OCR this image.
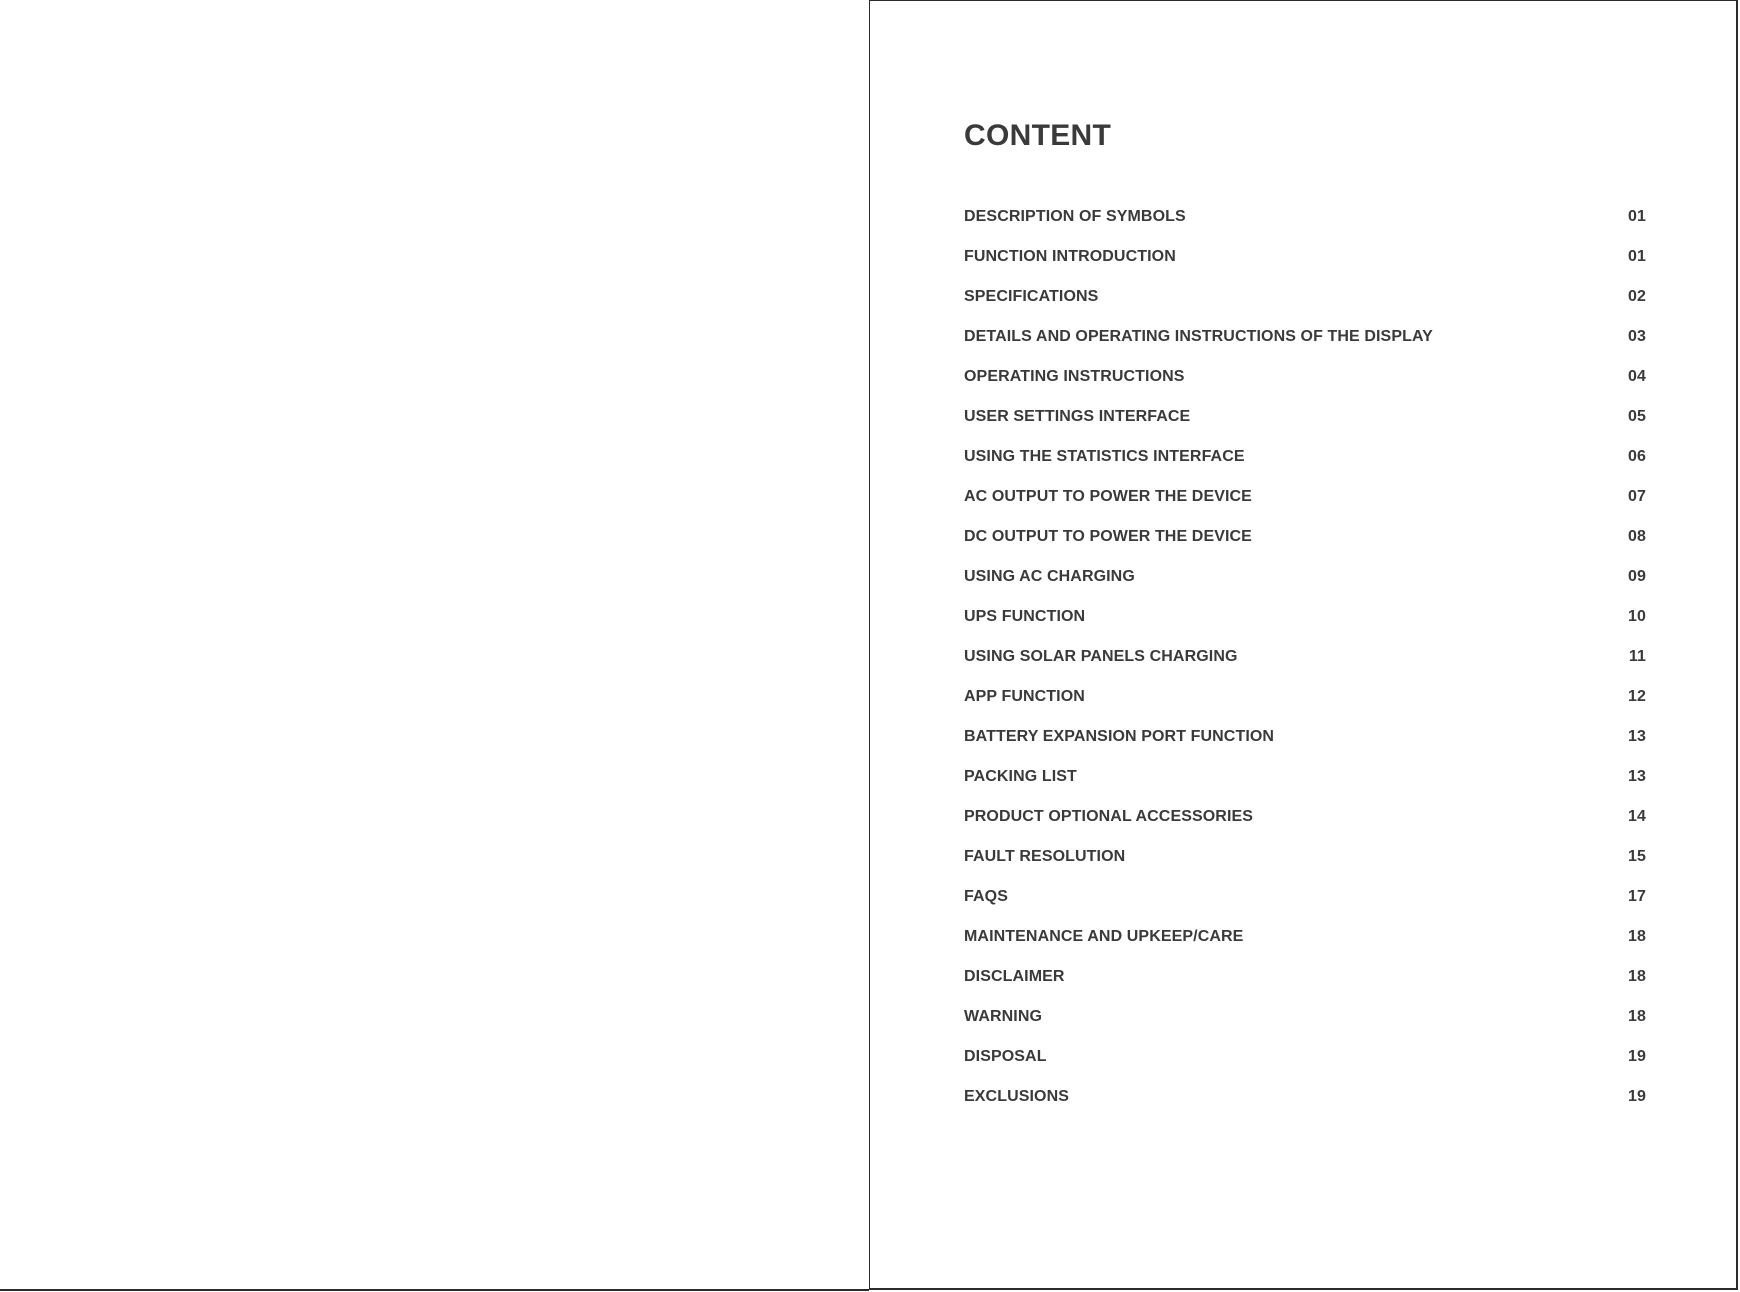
CONTENT
DESCRIPTION OF SYMBOLS	01
FUNCTION INTRODUCTION	01
SPECIFICATIONS	02
DETAILS AND OPERATING INSTRUCTIONS OF THE DISPLAY	03
OPERATING INSTRUCTIONS	04
USER SETTINGS INTERFACE	05
USING THE STATISTICS INTERFACE	06
AC OUTPUT TO POWER THE DEVICE	07
DC OUTPUT TO POWER THE DEVICE	08
USING AC CHARGING	09
UPS FUNCTION	10
USING SOLAR PANELS CHARGING	11
APP FUNCTION	12
BATTERY EXPANSION PORT FUNCTION	13
PACKING LIST	13
PRODUCT OPTIONAL ACCESSORIES	14
FAULT RESOLUTION	15
FAQS	17
MAINTENANCE AND UPKEEP/CARE	18
DISCLAIMER	18
WARNING	18
DISPOSAL	19
EXCLUSIONS	19
